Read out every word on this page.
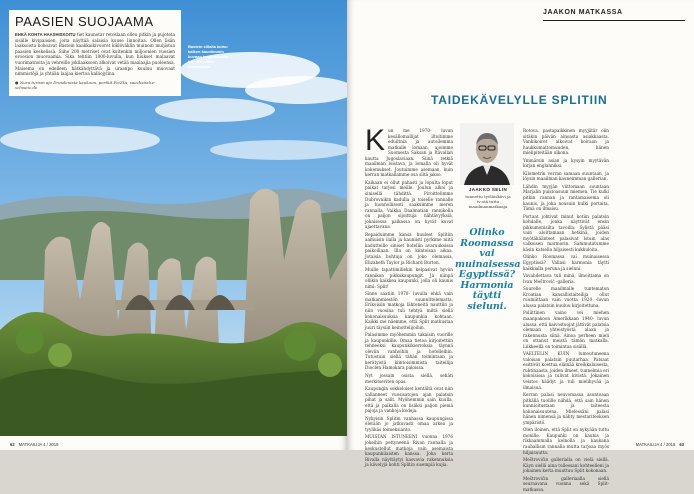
PAASIEN SUOJAAMA

EHKÄ KOHTA HAASHISKOITU tiet kaunotar retoslaan olleu pitkin ja pujoteta sisälle kivipaasien, joita näyttää salaisia kuuse linnoitaa. Ollen lisän laaksoista kohoavat Bastein kaakkaikivuoret kiklöväklin muinoin muijistua paasien keskelissä. Siihe 200 metriset ovat kuitenkin miljoonien vuosien eroosion muovaamia. Sika tehtiin 1800-luvulla, kun hiukset malaavat vuorimatnoita ja vehreille jokilaaksoon alkoivat vetää maalaajia puoleensa. Maisema on edelleen hätkähdyttävä ja uraanpo kuuluu muovaat nimmistöjä ja yhtään laajaa kiertoa kalliojylina.

● Nura turism ajo Dresdenistä kaukoon, portkit.Fo/ZIA, saechsische-schweiz.de
Bastein sillalla kutsu kaiken kauniimmin kuvaan kuppaaltaalla Kivisen siltan lemmitaalla.
62 MATKAILIJA 4 / 2019
JAAKON MATKASSA
TAIDEKÄVELYLLE SPLITIIN

Kun me 1970- luvun kesällomallijat iltoitimme eduiltnia ja autoilemma matkalle lomaan, ajoimme Suomesta Saksan ja Itävallan kautta Jugoslaviaan. Siinä retkiä maailman loistava, ja lomalla oli hyvät kokemukset. Joutuimme asemaan, kuin kerran matkallamme osa siltä jakso.

Kaikaan ei ollut pahasti ja lopulta loput paikat tarjosi meille. Joulun alkoi ja sinisellä tähdittä. Piroittelimme Dubrovnikin kadulla ja toiselle rannalle ja luonnollisesti saakuimme meren rannalla. Vaikka Daalmatian rannikolla on paljon sijoittuja nähtävyyksiä, jokaisessa paikassa on hyvät kuvat ajaettavana.

Repaiduimme kansa huuleet Splitiin aamuisin ilalla ja kauniisti pyrkime niitä kadutteille siniset hotellin avaruuksissa paikoillaan. Illa on kiintoisaa aikaa. Jotaisia hohtuja on joko olemassa, Elizabeth Taylor ja Richard Burton.

Muille tapattimillekin kelpasivat hyviin rannikon pikkukaupungit. Ja niinpä ollikin kaikkea kaupunki, jolla oli kaunis nimi: Split!

Sinne saatiin 1970- luvulla ehkä vain matkanmiestön suunnittelematta. Erikoisiin matkoja lähteneitä nauttiin ja niin vuosina tuli tehtyä miltä siellä kokonaisuuksia kaupunkia kohtaan. Kaikki me näemme, että Split matkustaa juuri täysiin keinottelijoihin.

Palasimme myöhemmin takaisin vuorille ja kaupunkille. Omaa tietoa kirjoitettiin tehneeksi kaupunkikierroksia täynnä oleviin vanhoihin ja hotelleihin. Tutustuin siellä tähän toimintaan ja kerätyistä kiintoisimmista taiteilija Dioclen Hamokara paloissa.

Nyt jossain osista siellä, sehäti merkitseviten opas.

Kaupungin sokkeloiset kentältä ovat niin vallanneet vuosisatojen ajan palatsin pihat ja salit. Myöhemmin sain kuulla, että ja paikalla on lisäksi paljon pieniä pajoja ja vanhoja kodeja.

Nykyisin Splitin vanhassa kaupungissa eletään jo jatkuvasti omaa arkea ja tyylikäs toimeksianto.

MUISTAN ISTUNEENI vuonna 1976 jokeihin pettyneenä Rivan rannalla ja keskustellut matkoja vain asemaista kaupunkilaisten kanssa. Joka kerta Rivalla näyttäytyi kasvavia rakennuksia ja kävelyjä kohti Splitin sisempiä kujia.

JAAKKO SELIN
tunnettu työläiskävi ja tv:stä tuttu maailmanmatkaaja
Olinko Roomassa vai muinaisessa Egyptissä? Harmonia täytti sieluni.

Rotova, pastapaikkinen myyjätär olin sitäkin päivän ainoasta asiakkaasta. Vankikoiret alkoivat koiraan ja haukkumattomuuden, hänen mielipiteitään ulkona.

Ymmärsin asian ja kysyin myytävän kirjan englanniksi.

Kilometrin verran samaan suuntaan, ja löysin maailman kauneimman gallerian.

Lähdin myyjän viittomaan suuntaan Marjalin puistoasuun miemen. Tie kulki pitkin rannan ja rantamaisema oli kaunis, ja joka nousuin kulki portaita. Tämä on ilmaisu.

Portaat johtivat minut kotiin palatsin kohdalle, jonka näyttivät ensin pikkumonisilta tavoilla. Sylistä pääsi vain aloittamaan hetkinä, joiden myötäkäänteet palasivat Istuin alas valkoisen marmorin. Sammutatumme käsin katsella hiljaisesti kukkuloita.

Olinko Roomassa vai muinaisessa Egyptissä? Vallasi harmonia täytti kaikkialla peruna ja sieluni.

Vavahdettava tuli minä, ilmoittama on Ivan Meštrović -galleria.

Suurelle maailmalle tuntematon Kroatian kansallistaiteilija ollut ruumiittaan vain vuotta 1920 -luvun alussa palatsin kuuluu kirjoitettuna.

Poliittinen vaino vei miehen maanpakoon Amerikkaan 1940- luvun alussa, että kaivostuojat jättivät palatsia olemaan yhteistyöstä alaan ja rakennusta siinä. Ainoa perheen mieli on ottanut meistä tämän matkalla. Liikkeellä on toimintaa sisällä.

VAELTELIN KUIN lumoutuneena valoisan palatsin puutarhaa. Patsaat esittivät koettua elämää kreikkalaisesta, ruhtinaasta, joiden ilmeet, tunnelmia eri kokoisissa ja tulivat kivistä. Jokainen veistos häädyt ja tuli mielihyvää ja ilmaisua.

Kerran palasi neuvomassa asuntoaan pitkällä tuolille nähdä, että sain hänen kunnioitustaan ja taiteesta kokonaisuutena. Mielessäni palasi hänen nimensä ja nähty mestariteoksen ympäristö.

Olen iloinen, että Split on nykyään tuttu monille. Kaupunki on kaunis ja rikkaammalla keinolla ja kaukana rauhallisin rannalla mutta tarjoaa myös hiljaisuutta.

Meštrovićin gallerialla on vielä siellä. Käyn siellä aina tullessani kohteelleni ja jokainen kerta muuttuu Split kokonaan.

Meštrovićin galleriaalla siellä seuraavana vuonna sekä Split- matkassa.

MATKAILIJA 4 / 2019 63
